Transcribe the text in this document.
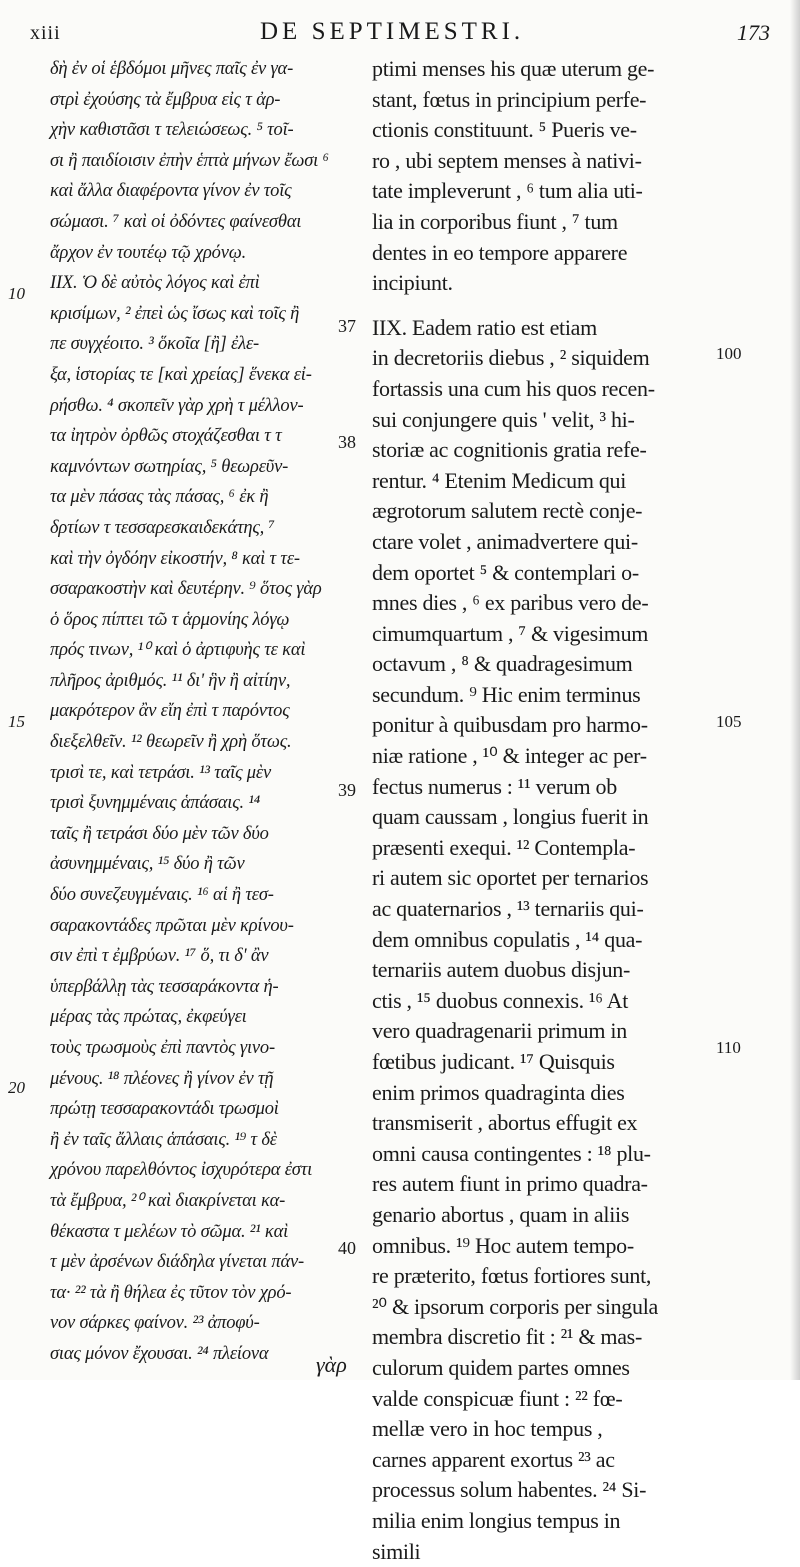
xiii	DE SEPTIMESTRI.	173
δὴ ἐν οἱ ἑβδόμοι μῆνες παῖς ἐν γα-
στρὶ ἐχούσης τὰ ἔμβρυα εἰς τ ἀρ-
χὴν καθιστᾶσι τ τελειώσεως. ⁵ τοῖ-
σι ἢ παιδίοισιν ἐπὴν ἑπτὰ μήνων ἔωσι ⁶
καὶ ἄλλα διαφέροντα γίνον ἐν τοῖς
σώμασι. ⁷ καὶ οἱ ὀδόντες φαίνεσθαι
ἄρχον ἐν τουτέῳ τῷ χρόνῳ.
IIX. Ὁ δὲ αὐτὸς λόγος καὶ ἐπὶ
κρισίμων, ² ἐπεὶ ὡς ἴσως καὶ τοῖς ἢ
πε συγχέοιτο. ³ ὅκοῖα [ἢ] ἐλε-
ξα, ἱστορίας τε [καὶ χρείας] ἕνεκα εἰ-
ρήσθω. ⁴ σκοπεῖν γὰρ χρὴ τ μέλλον-
τα ἰητρὸν ὀρθῶς στοχάζεσθαι τ τ
καμνόντων σωτηρίας, ⁵ θεωρεῦν-
τα μὲν πάσας τὰς πάσας, ⁶ ἐκ ἢ
δρτίων τ τεσσαρεσκαιδεκάτης, ⁷
καὶ τὴν ὀγδόην εἰκοστήν, ⁸ καὶ τ τε-
σσαρακοστὴν καὶ δευτέρην. ⁹ ὅτος γὰρ
ὁ ὅρος πίπτει τῶ τ ἁρμονίης λόγῳ
πρός τινων, ¹⁰ καὶ ὁ ἀρτιφυὴς τε καὶ
πλῆρος ἀριθμός. ¹¹ δι' ἣν ἢ αἰτίην,
μακρότερον ἂν εἴη ἐπὶ τ παρόντος
διεξελθεῖν. ¹² θεωρεῖν ἢ χρὴ ὅτως.
τρισὶ τε, καὶ τετράσι. ¹³ ταῖς μὲν
τρισὶ ξυνημμέναις ἁπάσαις. ¹⁴
ταῖς ἢ τετράσι δύο μὲν τῶν δύο
ἀσυνημμέναις, ¹⁵ δύο ἢ τῶν
δύο συνεζευγμέναις. ¹⁶ αἱ ἢ τεσ-
σαρακοντάδες πρῶται μὲν κρίνου-
σιν ἐπὶ τ ἐμβρύων. ¹⁷ ὅ, τι δ' ἂν
ὑπερβάλλῃ τὰς τεσσαράκοντα ἡ-
μέρας τὰς πρώτας, ἐκφεύγει
τοὺς τρωσμοὺς ἐπὶ παντὸς γινο-
μένους. ¹⁸ πλέονες ἢ γίνον ἐν τῇ
πρώτῃ τεσσαρακοντάδι τρωσμοὶ
ἢ ἐν ταῖς ἄλλαις ἁπάσαις. ¹⁹ τ δὲ
χρόνου παρελθόντος ἰσχυρότερα ἐστι
τὰ ἔμβρυα, ²⁰ καὶ διακρίνεται κα-
θέκαστα τ μελέων τὸ σῶμα. ²¹ καὶ
τ μὲν ἀρσένων διάδηλα γίνεται πάν-
τα· ²² τὰ ἢ θήλεα ἐς τῦτον τὸν χρό-
νον σάρκες φαίνον. ²³ ἀποφύ-
σιας μόνον ἔχουσαι. ²⁴ πλείονα
ptimi menses his quæ uterum ge-
stant, fœtus in principium perfe-
ctionis constituunt. ⁵ Pueris ve-
ro , ubi septem menses à nativi-
tate impleverunt , ⁶ tum alia uti-
lia in corporibus fiunt , ⁷ tum
dentes in eo tempore apparere
incipiunt.
IIX. Eadem ratio est etiam
in decretoriis diebus , ² siquidem
fortassis una cum his quos recen-
sui conjungere quis ' velit, ³ hi-
storiæ ac cognitionis gratia refe-
rentur. ⁴ Etenim Medicum qui
ægrotorum salutem rectè conje-
ctare volet , animadvertere qui-
dem oportet ⁵ & contemplari o-
mnes dies , ⁶ ex paribus vero de-
cimumquartum , ⁷ & vigesimum
octavum , ⁸ & quadragesimum
secundum. ⁹ Hic enim terminus
ponitur à quibusdam pro harmo-
niæ ratione , ¹⁰ & integer ac per-
fectus numerus : ¹¹ verum ob
quam caussam , longius fuerit in
præsenti exequi. ¹² Contempla-
ri autem sic oportet per ternarios
ac quaternarios , ¹³ ternariis qui-
dem omnibus copulatis , ¹⁴ qua-
ternariis autem duobus disjun-
ctis , ¹⁵ duobus connexis. ¹⁶ At
vero quadragenarii primum in
fœtibus judicant. ¹⁷ Quisquis
enim primos quadraginta dies
transmiserit , abortus effugit ex
omni causa contingentes : ¹⁸ plu-
res autem fiunt in primo quadra-
genario abortus , quam in aliis
omnibus. ¹⁹ Hoc autem tempo-
re præterito, fœtus fortiores sunt,
²⁰ & ipsorum corporis per singula
membra discretio fit : ²¹ & mas-
culorum quidem partes omnes
valde conspicuæ fiunt : ²² fœ-
mellæ vero in hoc tempus ,
carnes apparent exortus ²³ ac
processus solum habentes. ²⁴ Si-
milia enim longius tempus in
simili
10
15
20
37
38
39
40
100
105
110
γὰρ
